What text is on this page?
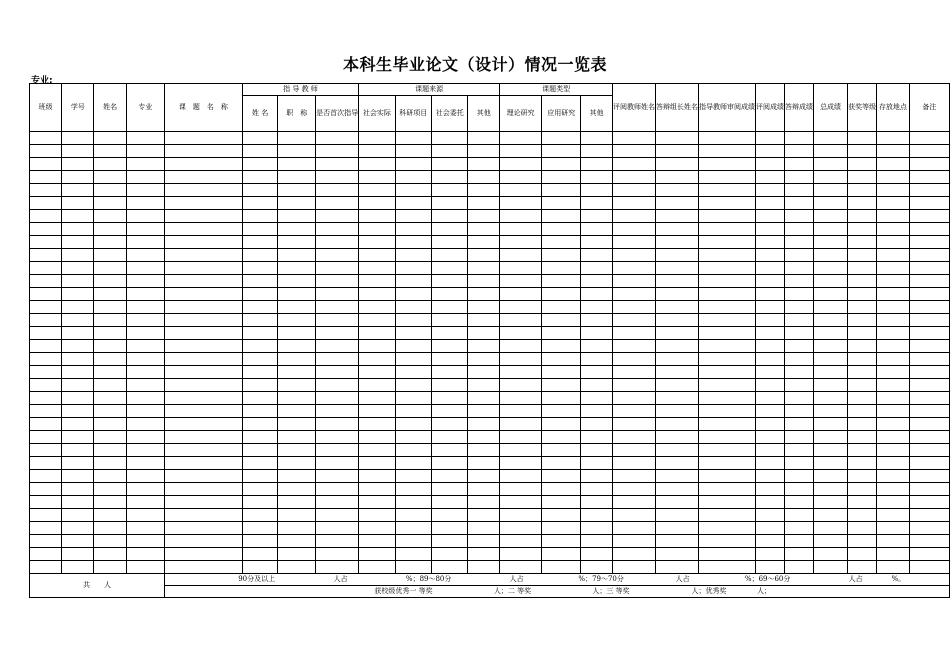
本科生毕业论文（设计）情况一览表
专业:
班级	学号	姓名	专业	课　题　名　称	指 导 教 师			课题来源				课题类型			评阅教师姓名	答辩组长姓名	指导教师审阅成绩	评阅成绩	答辩成绩	总成绩	获奖等级	存放地点	备注
					姓 名	职　称	是否首次指导	社会实际	科研项目	社会委托	其他	理论研究	应用研究	其他									

共　　人				90分及以上 人占 %；89～80分 人占 %；79～70分 人占 %；69～60分 人占 %。																			
				获校级优秀一 等奖 人；二 等奖 人；三 等奖 人；优秀奖 人；																			
